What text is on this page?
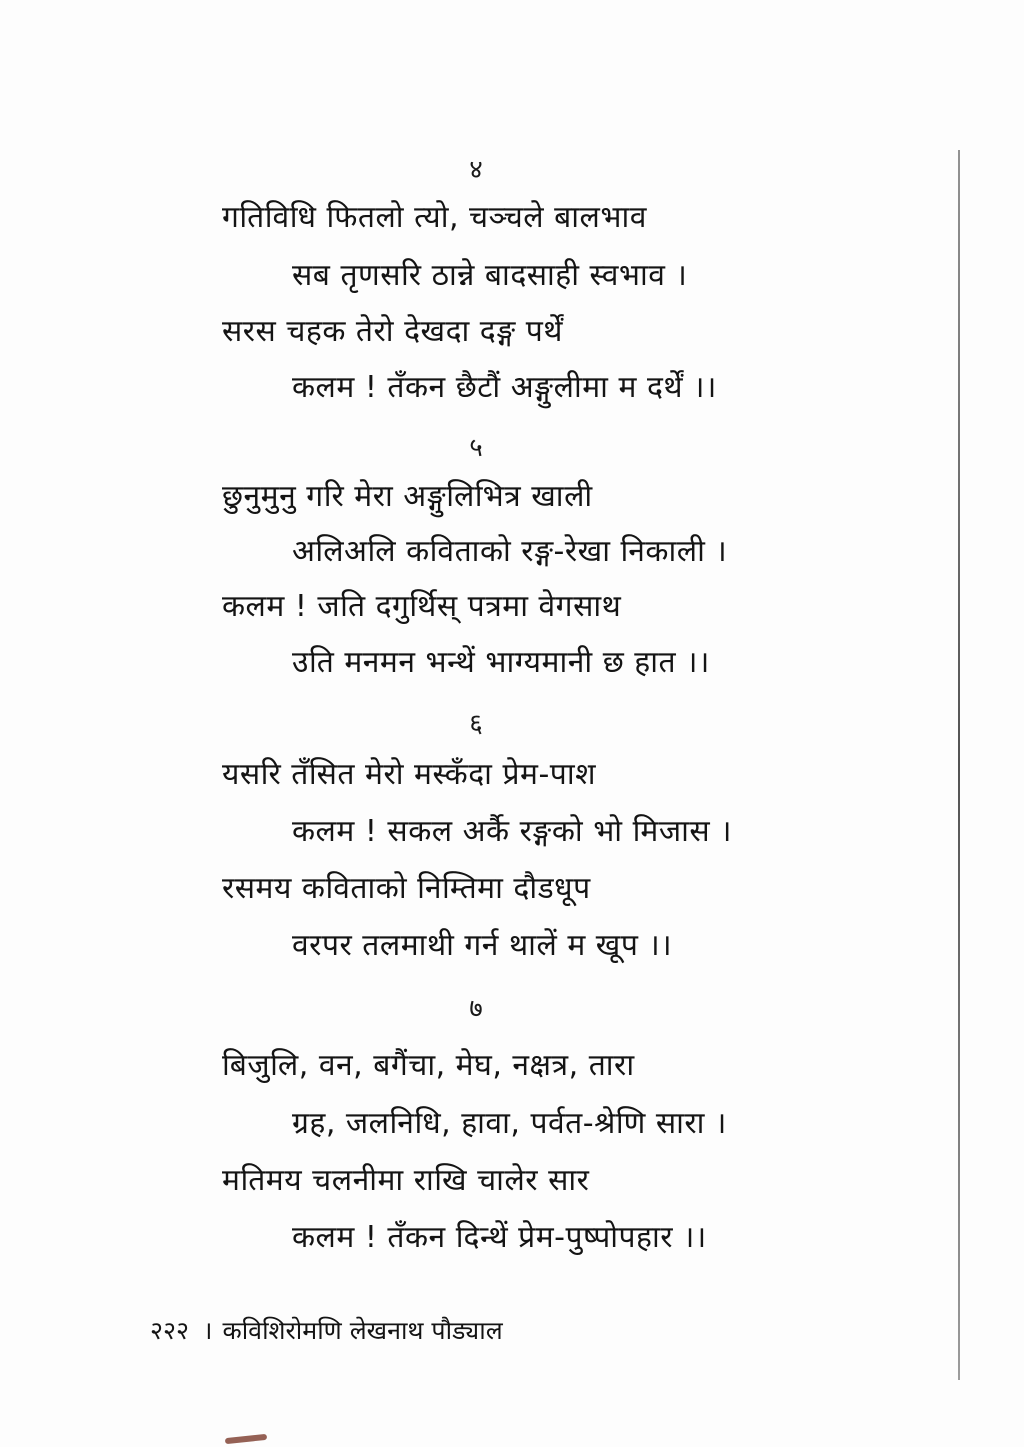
४
गतिविधि फितलो त्यो, चञ्चले बालभाव
सब तृणसरि ठान्ने बादसाही स्वभाव ।
सरस चहक तेरो देखदा दङ्ग पर्थें
कलम ! तँकन छैटौं अङ्गुलीमा म दर्थें ।।
५
छुनुमुनु गरि मेरा अङ्गुलिभित्र खाली
अलिअलि कविताको रङ्ग-रेखा निकाली ।
कलम ! जति दगुर्थिस् पत्रमा वेगसाथ
उति मनमन भन्थें भाग्यमानी छ हात ।।
६
यसरि तँसित मेरो मस्कँदा प्रेम-पाश
कलम ! सकल अर्कै रङ्गको भो मिजास ।
रसमय कविताको निम्तिमा दौडधूप
वरपर तलमाथी गर्न थालें म खूप ।।
७
बिजुलि, वन, बगैंचा, मेघ, नक्षत्र, तारा
ग्रह, जलनिधि, हावा, पर्वत-श्रेणि सारा ।
मतिमय चलनीमा राखि चालेर सार
कलम ! तँकन दिन्थें प्रेम-पुष्पोपहार ।।
२२२ । कविशिरोमणि लेखनाथ पौड्याल
